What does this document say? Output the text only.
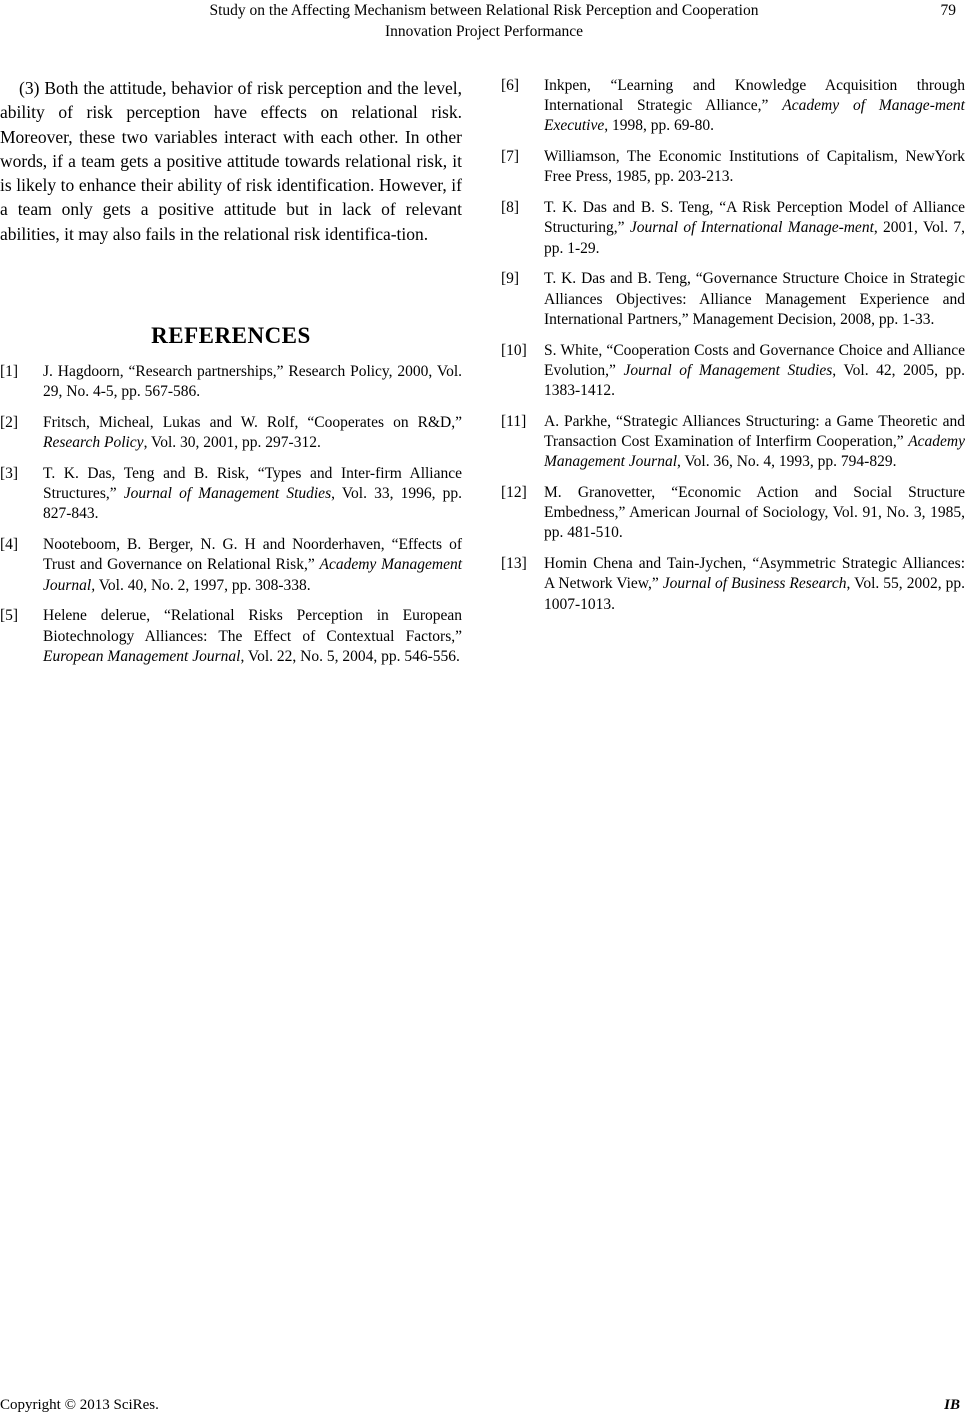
Study on the Affecting Mechanism between Relational Risk Perception and Cooperation
Innovation Project Performance
79

(3) Both the attitude, behavior of risk perception and the level, ability of risk perception have effects on relational risk. Moreover, these two variables interact with each other. In other words, if a team gets a positive attitude towards relational risk, it is likely to enhance their ability of risk identification. However, if a team only gets a positive attitude but in lack of relevant abilities, it may also fails in the relational risk identifica-tion.

REFERENCES
[1]	J. Hagdoorn, “Research partnerships,” Research Policy, 2000, Vol. 29, No. 4-5, pp. 567-586.
[2]	Fritsch, Micheal, Lukas and W. Rolf, “Cooperates on R&D,” Research Policy, Vol. 30, 2001, pp. 297-312.
[3]	T. K. Das, Teng and B. Risk, “Types and Inter-firm Alliance Structures,” Journal of Management Studies, Vol. 33, 1996, pp. 827-843.
[4]	Nooteboom, B. Berger, N. G. H and Noorderhaven, “Effects of Trust and Governance on Relational Risk,” Academy Management Journal, Vol. 40, No. 2, 1997, pp. 308-338.
[5]	Helene delerue, “Relational Risks Perception in European Biotechnology Alliances: The Effect of Contextual Factors,” European Management Journal, Vol. 22, No. 5, 2004, pp. 546-556.
[6]	Inkpen, “Learning and Knowledge Acquisition through International Strategic Alliance,” Academy of Manage-ment Executive, 1998, pp. 69-80.
[7]	Williamson, The Economic Institutions of Capitalism, NewYork Free Press, 1985, pp. 203-213.
[8]	T. K. Das and B. S. Teng, “A Risk Perception Model of Alliance Structuring,” Journal of International Manage-ment, 2001, Vol. 7, pp. 1-29.
[9]	T. K. Das and B. Teng, “Governance Structure Choice in Strategic Alliances Objectives: Alliance Management Experience and International Partners,” Management Decision, 2008, pp. 1-33.
[10]	S. White, “Cooperation Costs and Governance Choice and Alliance Evolution,” Journal of Management Studies, Vol. 42, 2005, pp. 1383-1412.
[11]	A. Parkhe, “Strategic Alliances Structuring: a Game Theoretic and Transaction Cost Examination of Interfirm Cooperation,” Academy Management Journal, Vol. 36, No. 4, 1993, pp. 794-829.
[12]	M. Granovetter, “Economic Action and Social Structure Embedness,” American Journal of Sociology, Vol. 91, No. 3, 1985, pp. 481-510.
[13]	Homin Chena and Tain-Jychen, “Asymmetric Strategic Alliances: A Network View,” Journal of Business Research, Vol. 55, 2002, pp. 1007-1013.
Copyright © 2013 SciRes.	IB
